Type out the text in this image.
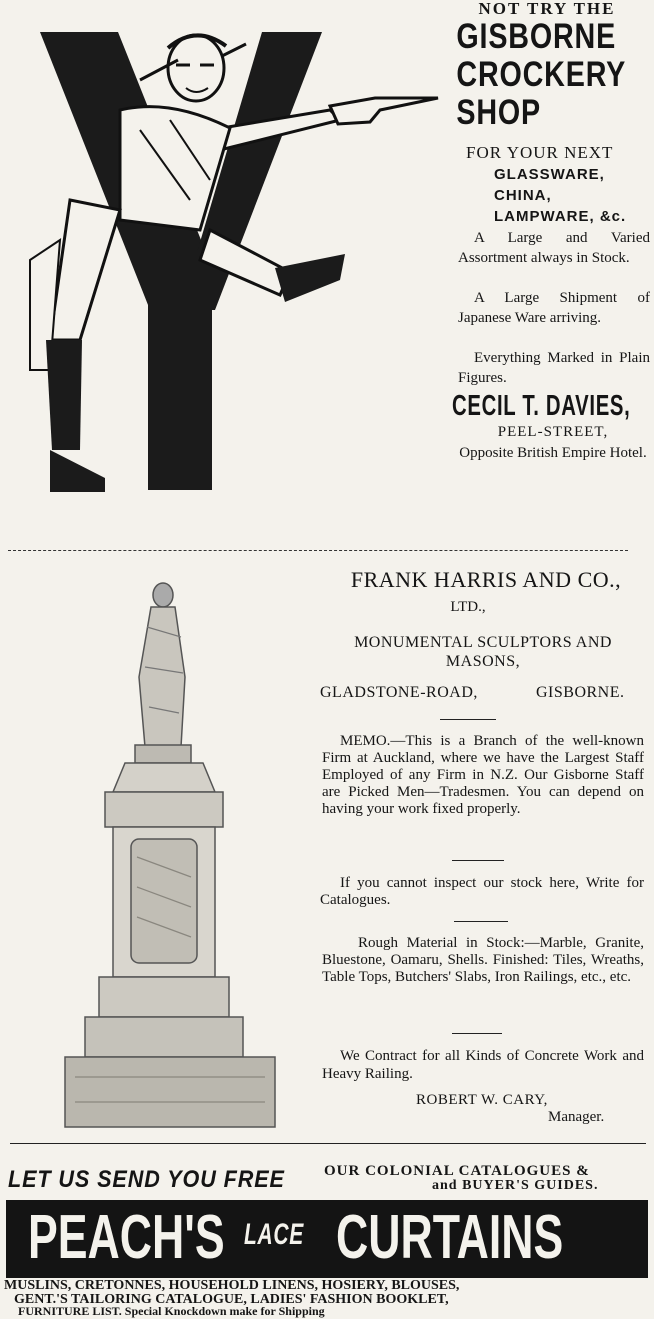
NOT TRY THE
GISBORNE
CROCKERY
SHOP
FOR YOUR NEXT
GLASSWARE,
CHINA,
LAMPWARE, &c.

A Large and Varied Assortment always in Stock.

A Large Shipment of Japanese Ware arriving.

Everything Marked in Plain Figures.

CECIL T. DAVIES,
PEEL-STREET,

Opposite British Empire Hotel.

FRANK HARRIS AND CO.,
LTD.,
MONUMENTAL SCULPTORS AND MASONS,
GLADSTONE-ROAD,	GISBORNE.

MEMO.—This is a Branch of the well-known Firm at Auckland, where we have the Largest Staff Employed of any Firm in N.Z. Our Gisborne Staff are Picked Men—Tradesmen. You can depend on having your work fixed properly.

If you cannot inspect our stock here, Write for Catalogues.

Rough Material in Stock:—Marble, Granite, Bluestone, Oamaru, Shells. Finished: Tiles, Wreaths, Table Tops, Butchers' Slabs, Iron Railings, etc., etc.

We Contract for all Kinds of Concrete Work and Heavy Railing.

ROBERT W. CARY,
Manager.
LET US SEND YOU FREE	OUR COLONIAL CATALOGUES &
and BUYER'S GUIDES.
PEACH'S LACE CURTAINS
MUSLINS, CRETONNES, HOUSEHOLD LINENS, HOSIERY, BLOUSES,
GENT.'S TAILORING CATALOGUE, LADIES' FASHION BOOKLET,
FURNITURE LIST. Special Knockdown make for Shipping
